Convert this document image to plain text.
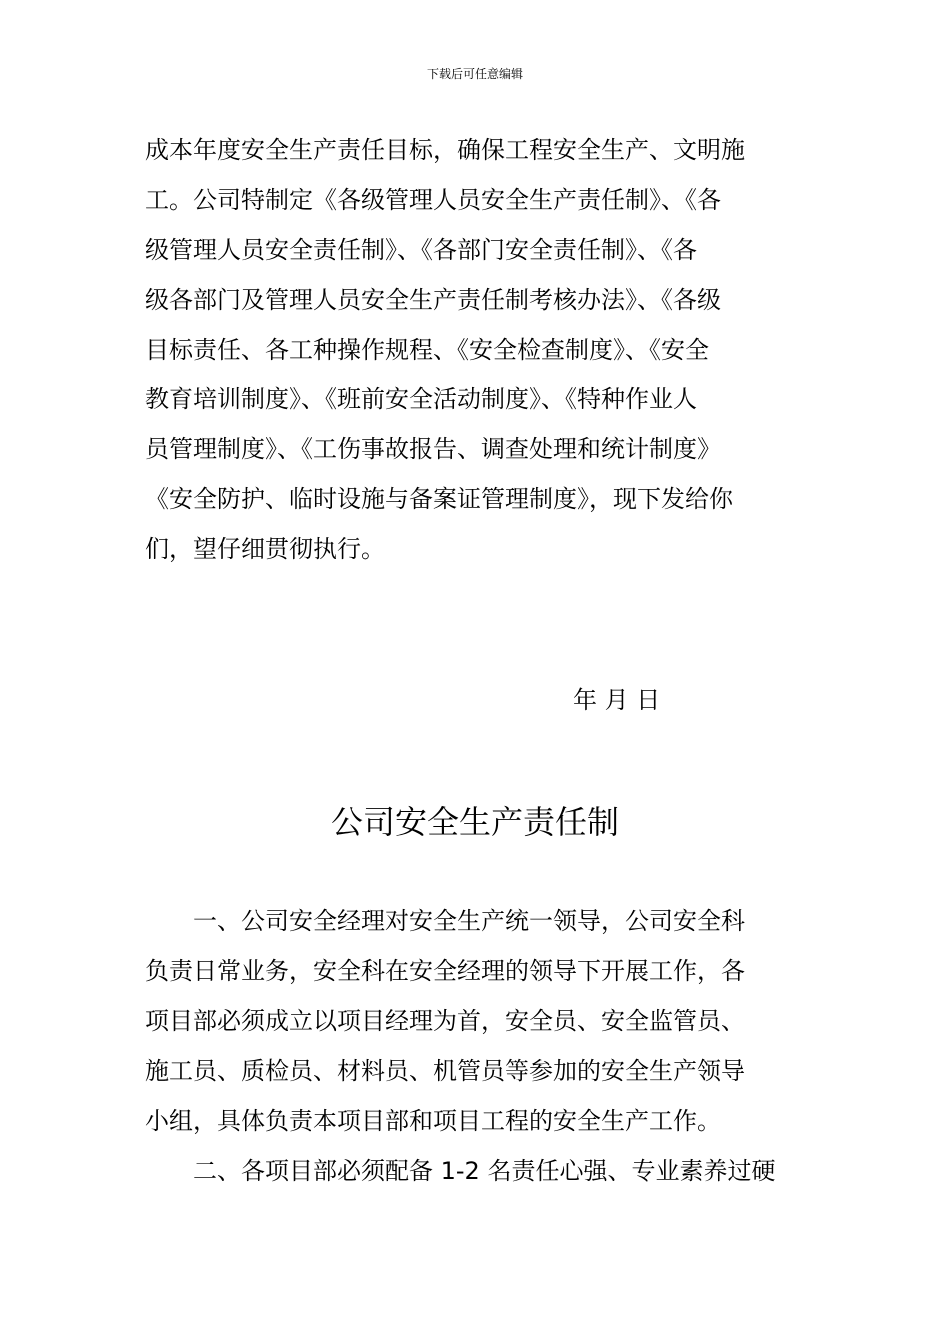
下载后可任意编辑
成本年度安全生产责任目标，确保工程安全生产、文明施
工。公司特制定《各级管理人员安全生产责任制》、《各
级管理人员安全责任制》、《各部门安全责任制》、《各
级各部门及管理人员安全生产责任制考核办法》、《各级
目标责任、各工种操作规程、《安全检查制度》、《安全
教育培训制度》、《班前安全活动制度》、《特种作业人
员管理制度》、《工伤事故报告、调查处理和统计制度》
《安全防护、临时设施与备案证管理制度》，现下发给你
们，望仔细贯彻执行。
年 月 日
公司安全生产责任制
一、公司安全经理对安全生产统一领导，公司安全科
负责日常业务，安全科在安全经理的领导下开展工作，各
项目部必须成立以项目经理为首，安全员、安全监管员、
施工员、质检员、材料员、机管员等参加的安全生产领导
小组，具体负责本项目部和项目工程的安全生产工作。
二、各项目部必须配备 1-2 名责任心强、专业素养过硬
